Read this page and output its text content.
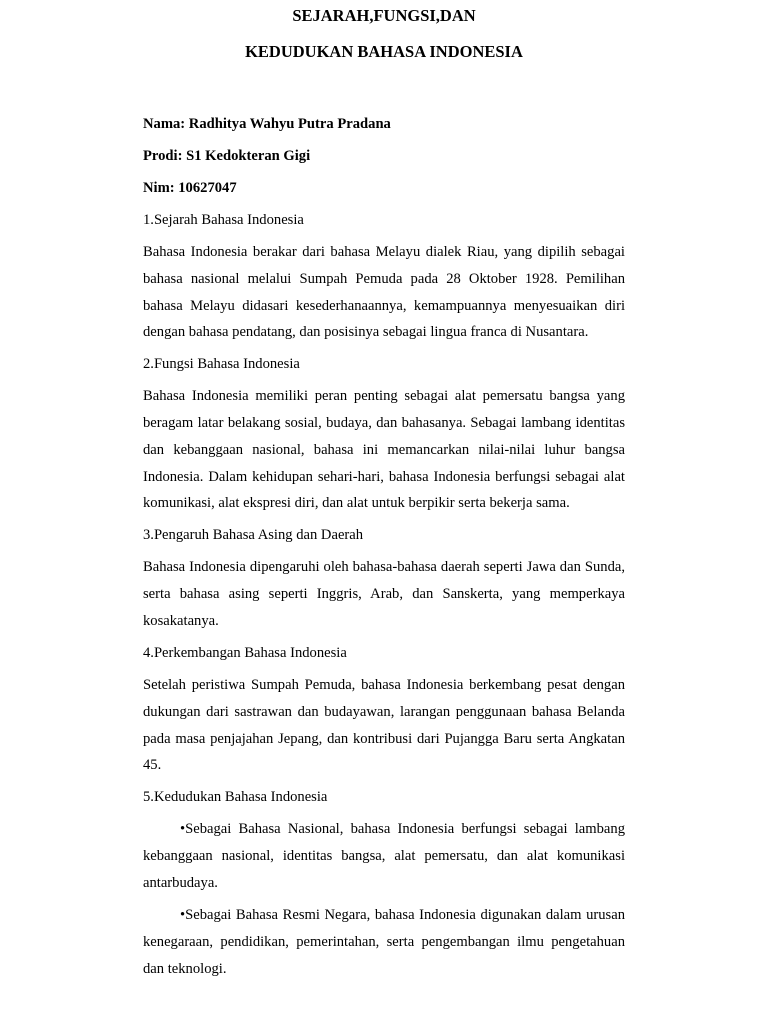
SEJARAH,FUNGSI,DAN
KEDUDUKAN BAHASA INDONESIA

Nama: Radhitya Wahyu Putra Pradana

Prodi: S1 Kedokteran Gigi

Nim: 10627047

1.Sejarah Bahasa Indonesia

Bahasa Indonesia berakar dari bahasa Melayu dialek Riau, yang dipilih sebagai bahasa nasional melalui Sumpah Pemuda pada 28 Oktober 1928. Pemilihan bahasa Melayu didasari kesederhanaannya, kemampuannya menyesuaikan diri dengan bahasa pendatang, dan posisinya sebagai lingua franca di Nusantara.

2.Fungsi Bahasa Indonesia

Bahasa Indonesia memiliki peran penting sebagai alat pemersatu bangsa yang beragam latar belakang sosial, budaya, dan bahasanya. Sebagai lambang identitas dan kebanggaan nasional, bahasa ini memancarkan nilai-nilai luhur bangsa Indonesia. Dalam kehidupan sehari-hari, bahasa Indonesia berfungsi sebagai alat komunikasi, alat ekspresi diri, dan alat untuk berpikir serta bekerja sama.

3.Pengaruh Bahasa Asing dan Daerah

Bahasa Indonesia dipengaruhi oleh bahasa-bahasa daerah seperti Jawa dan Sunda, serta bahasa asing seperti Inggris, Arab, dan Sanskerta, yang memperkaya kosakatanya.

4.Perkembangan Bahasa Indonesia

Setelah peristiwa Sumpah Pemuda, bahasa Indonesia berkembang pesat dengan dukungan dari sastrawan dan budayawan, larangan penggunaan bahasa Belanda pada masa penjajahan Jepang, dan kontribusi dari Pujangga Baru serta Angkatan 45.

5.Kedudukan Bahasa Indonesia

•Sebagai Bahasa Nasional, bahasa Indonesia berfungsi sebagai lambang kebanggaan nasional, identitas bangsa, alat pemersatu, dan alat komunikasi antarbudaya.

•Sebagai Bahasa Resmi Negara, bahasa Indonesia digunakan dalam urusan kenegaraan, pendidikan, pemerintahan, serta pengembangan ilmu pengetahuan dan teknologi.
